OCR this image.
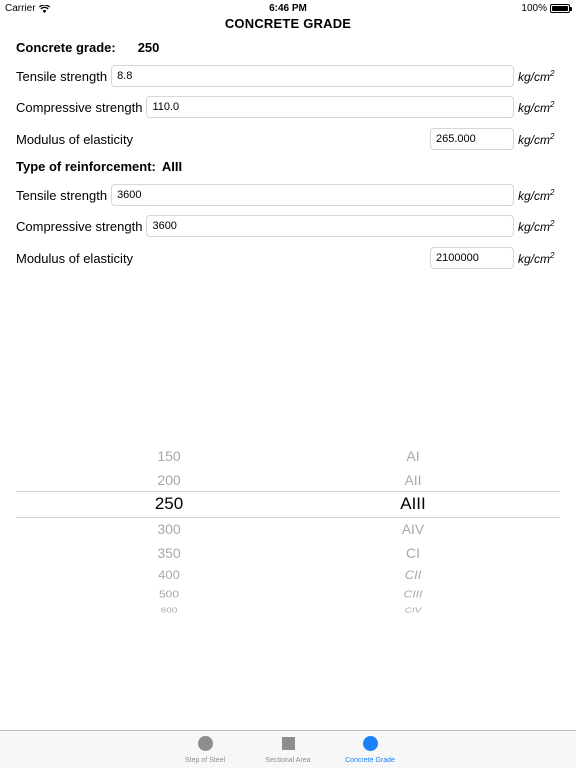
Carrier	6:46 PM	100%
CONCRETE GRADE
Concrete grade: 250
Tensile strength 8.8	$kg/cm^2$
Compressive strength 110.0	$kg/cm^2$
Modulus of elasticity	265.000	$kg/cm^2$
Type of reinforcement: AIII
Tensile strength 3600	$kg/cm^2$
Compressive strength 3600	$kg/cm^2$
Modulus of elasticity	2100000	$kg/cm^2$
150
200
250
300
350
400
500
600
AI
AII
AIII
AIV
CI
CII
CIII
CIV
Step of Steel	Sectional Area	Concrete Grade
